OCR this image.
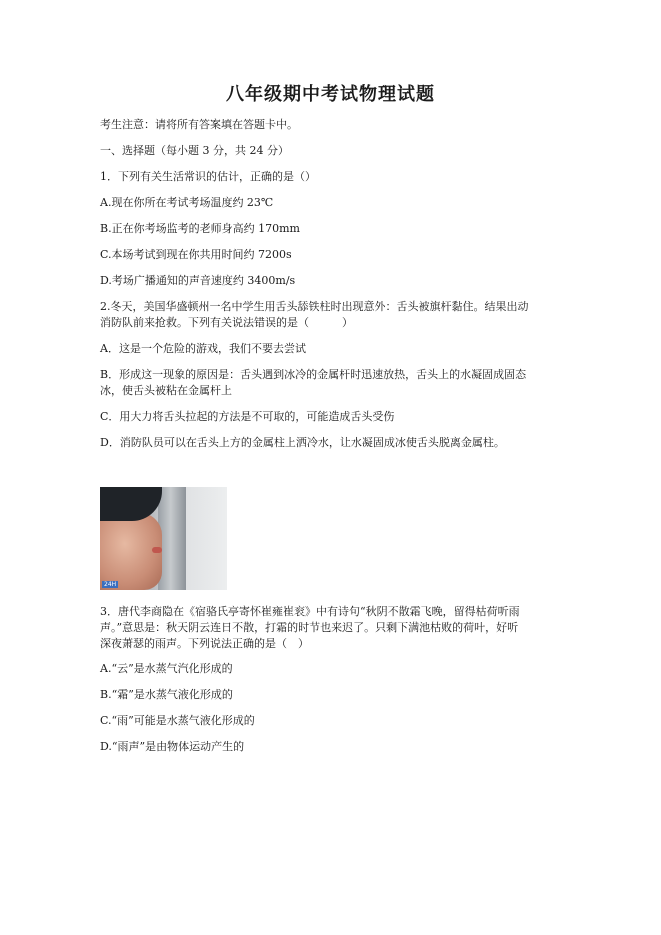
八年级期中考试物理试题
考生注意：请将所有答案填在答题卡中。
一、选择题（每小题 3 分，共 24 分）
1．下列有关生活常识的估计，正确的是（）
A.现在你所在考试考场温度约 23℃
B.正在你考场监考的老师身高约 170mm
C.本场考试到现在你共用时间约 7200s
D.考场广播通知的声音速度约 3400m/s
2.冬天，美国华盛顿州一名中学生用舌头舔铁柱时出现意外：舌头被旗杆黏住。结果出动
消防队前来抢救。下列有关说法错误的是（　　　）
A．这是一个危险的游戏，我们不要去尝试
B．形成这一现象的原因是：舌头遇到冰冷的金属杆时迅速放热，舌头上的水凝固成固态
冰，使舌头被粘在金属杆上
C．用大力将舌头拉起的方法是不可取的，可能造成舌头受伤
D．消防队员可以在舌头上方的金属柱上洒冷水，让水凝固成冰使舌头脱离金属柱。
24H
3．唐代李商隐在《宿骆氏亭寄怀崔雍崔衮》中有诗句“秋阴不散霜飞晚，留得枯荷听雨
声。”意思是：秋天阴云连日不散，打霜的时节也来迟了。只剩下满池枯败的荷叶，好听
深夜萧瑟的雨声。下列说法正确的是（　）
A.“云”是水蒸气汽化形成的
B.“霜”是水蒸气液化形成的
C.“雨”可能是水蒸气液化形成的
D.“雨声”是由物体运动产生的
